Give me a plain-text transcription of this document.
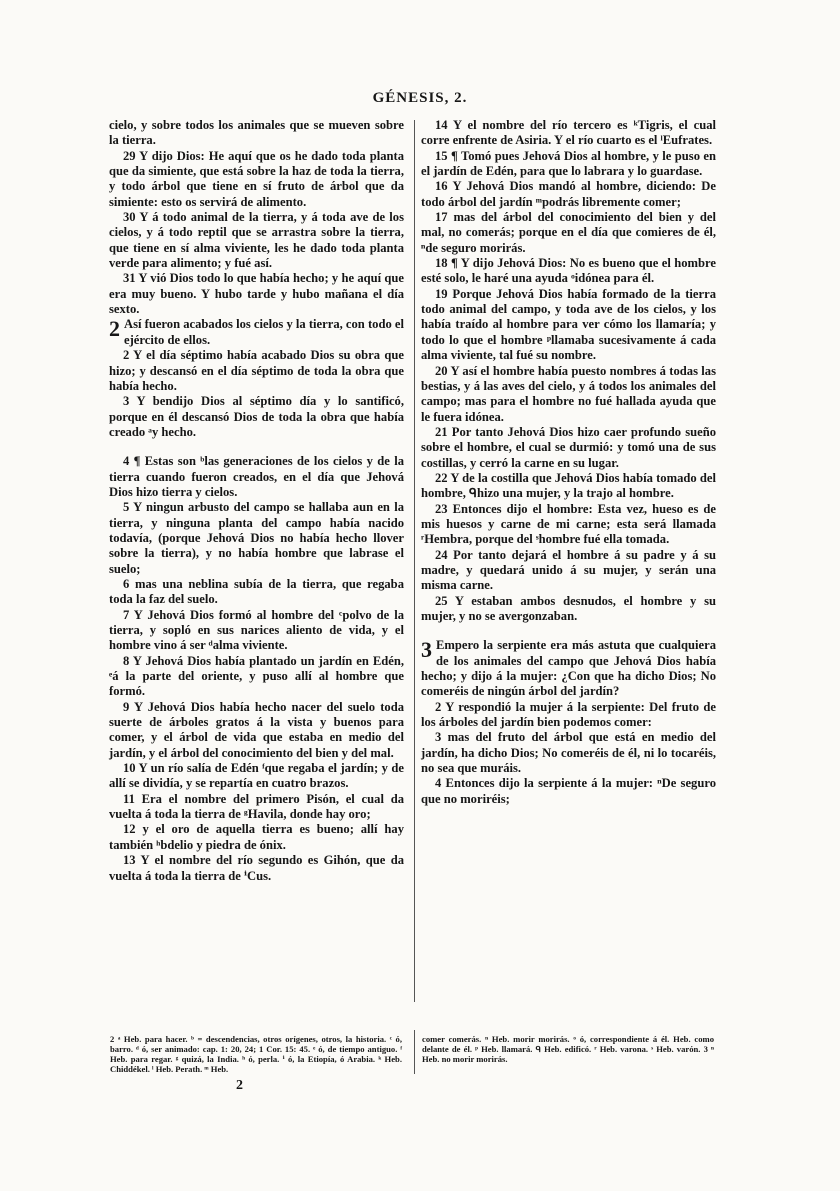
GÉNESIS, 2.

cielo, y sobre todos los animales que se mueven sobre la tierra.

29 Y dijo Dios: He aquí que os he dado toda planta que da simiente, que está sobre la haz de toda la tierra, y todo árbol que tiene en sí fruto de árbol que da simiente: esto os servirá de alimento.

30 Y á todo animal de la tierra, y á toda ave de los cielos, y á todo reptil que se arrastra sobre la tierra, que tiene en sí alma viviente, les he dado toda planta verde para alimento; y fué así.

31 Y vió Dios todo lo que había hecho; y he aquí que era muy bueno. Y hubo tarde y hubo mañana el día sexto.

2 Así fueron acabados los cielos y la tierra, con todo el ejército de ellos.

2 Y el día séptimo había acabado Dios su obra que hizo; y descansó en el día séptimo de toda la obra que había hecho.

3 Y bendijo Dios al séptimo día y lo santificó, porque en él descansó Dios de toda la obra que había creado ᵃy hecho.

4 ¶ Estas son ᵇlas generaciones de los cielos y de la tierra cuando fueron creados, en el día que Jehová Dios hizo tierra y cielos.

5 Y ningun arbusto del campo se hallaba aun en la tierra, y ninguna planta del campo había nacido todavía, (porque Jehová Dios no había hecho llover sobre la tierra), y no había hombre que labrase el suelo;

6 mas una neblina subía de la tierra, que regaba toda la faz del suelo.

7 Y Jehová Dios formó al hombre del ᶜpolvo de la tierra, y sopló en sus narices aliento de vida, y el hombre vino á ser ᵈalma viviente.

8 Y Jehová Dios había plantado un jardín en Edén, ᵉá la parte del oriente, y puso allí al hombre que formó.

9 Y Jehová Dios había hecho nacer del suelo toda suerte de árboles gratos á la vista y buenos para comer, y el árbol de vida que estaba en medio del jardín, y el árbol del conocimiento del bien y del mal.

10 Y un río salía de Edén ᶠque regaba el jardín; y de allí se dividía, y se repartía en cuatro brazos.

11 Era el nombre del primero Pisón, el cual da vuelta á toda la tierra de ᵍHavila, donde hay oro;

12 y el oro de aquella tierra es bueno; allí hay también ʰbdelio y piedra de ónix.

13 Y el nombre del río segundo es Gihón, que da vuelta á toda la tierra de ⁱCus.

14 Y el nombre del río tercero es ᵏTigris, el cual corre enfrente de Asiria. Y el río cuarto es el ˡEufrates.

15 ¶ Tomó pues Jehová Dios al hombre, y le puso en el jardín de Edén, para que lo labrara y lo guardase.

16 Y Jehová Dios mandó al hombre, diciendo: De todo árbol del jardín ᵐpodrás libremente comer;

17 mas del árbol del conocimiento del bien y del mal, no comerás; porque en el día que comieres de él, ⁿde seguro morirás.

18 ¶ Y dijo Jehová Dios: No es bueno que el hombre esté solo, le haré una ayuda ᵒidónea para él.

19 Porque Jehová Dios había formado de la tierra todo animal del campo, y toda ave de los cielos, y los había traído al hombre para ver cómo los llamaría; y todo lo que el hombre ᵖllamaba sucesivamente á cada alma viviente, tal fué su nombre.

20 Y así el hombre había puesto nombres á todas las bestias, y á las aves del cielo, y á todos los animales del campo; mas para el hombre no fué hallada ayuda que le fuera idónea.

21 Por tanto Jehová Dios hizo caer profundo sueño sobre el hombre, el cual se durmió: y tomó una de sus costillas, y cerró la carne en su lugar.

22 Y de la costilla que Jehová Dios había tomado del hombre, ᑫhizo una mujer, y la trajo al hombre.

23 Entonces dijo el hombre: Esta vez, hueso es de mis huesos y carne de mi carne; esta será llamada ʳHembra, porque del ˢhombre fué ella tomada.

24 Por tanto dejará el hombre á su padre y á su madre, y quedará unido á su mujer, y serán una misma carne.

25 Y estaban ambos desnudos, el hombre y su mujer, y no se avergonzaban.

3 Empero la serpiente era más astuta que cualquiera de los animales del campo que Jehová Dios había hecho; y dijo á la mujer: ¿Con que ha dicho Dios; No comeréis de ningún árbol del jardín?

2 Y respondió la mujer á la serpiente: Del fruto de los árboles del jardín bien podemos comer:

3 mas del fruto del árbol que está en medio del jardín, ha dicho Dios; No comeréis de él, ni lo tocaréis, no sea que muráis.

4 Entonces dijo la serpiente á la mujer: ⁿDe seguro que no moriréis;

2 ᵃ Heb. para hacer. ᵇ = descendencias, otros orígenes, otros, la historia. ᶜ ó, barro. ᵈ ó, ser animado: cap. 1: 20, 24; 1 Cor. 15: 45. ᵉ ó, de tiempo antiguo. ᶠ Heb. para regar. ᵍ quizá, la India. ʰ ó, perla. ⁱ ó, la Etiopía, ó Arabia. ᵏ Heb. Chiddékel. ˡ Heb. Perath. ᵐ Heb.
comer comerás. ⁿ Heb. morir morirás. ᵒ ó, correspondiente á él. Heb. como delante de él. ᵖ Heb. llamará. ᑫ Heb. edificó. ʳ Heb. varona. ˢ Heb. varón. 3 ⁿ Heb. no morir morirás.
2
